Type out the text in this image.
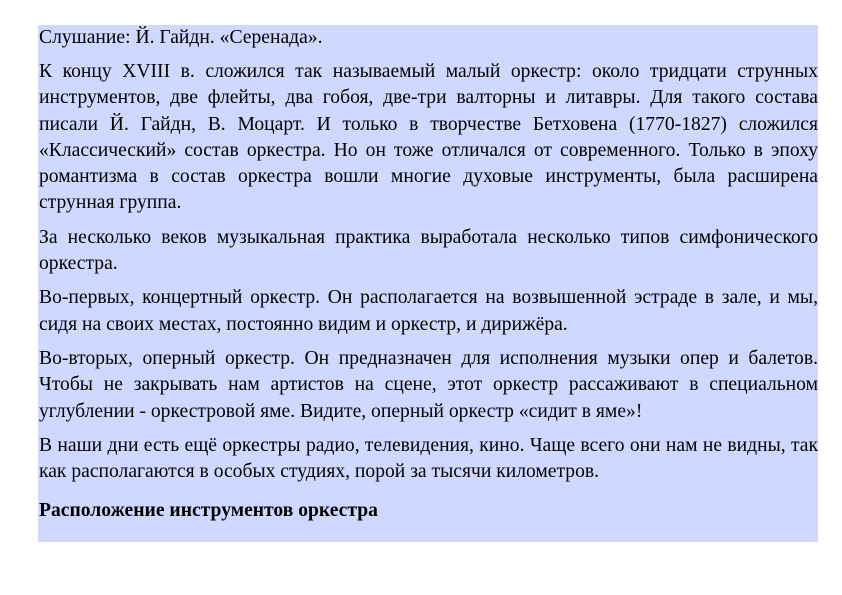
Слушание: Й. Гайдн. «Серенада».

К концу XVIII в. сложился так называемый малый оркестр: около тридцати струнных инструментов, две флейты, два гобоя, две-три валторны и литавры. Для такого состава писали Й. Гайдн, В. Моцарт. И только в творчестве Бетховена (1770-1827) сложился «Классический» состав оркестра. Но он тоже отличался от современного. Только в эпоху романтизма в состав оркестра вошли многие духовые инструменты, была расширена струнная группа.

За несколько веков музыкальная практика выработала несколько типов симфонического оркестра.

Во-первых, концертный оркестр. Он располагается на возвышенной эстраде в зале, и мы, сидя на своих местах, постоянно видим и оркестр, и дирижёра.

Во-вторых, оперный оркестр. Он предназначен для исполнения музыки опер и балетов. Чтобы не закрывать нам артистов на сцене, этот оркестр рассаживают в специальном углублении - оркестровой яме. Видите, оперный оркестр «сидит в яме»!

В наши дни есть ещё оркестры радио, телевидения, кино. Чаще всего они нам не видны, так как располагаются в особых студиях, порой за тысячи километров.

Расположение инструментов оркестра
